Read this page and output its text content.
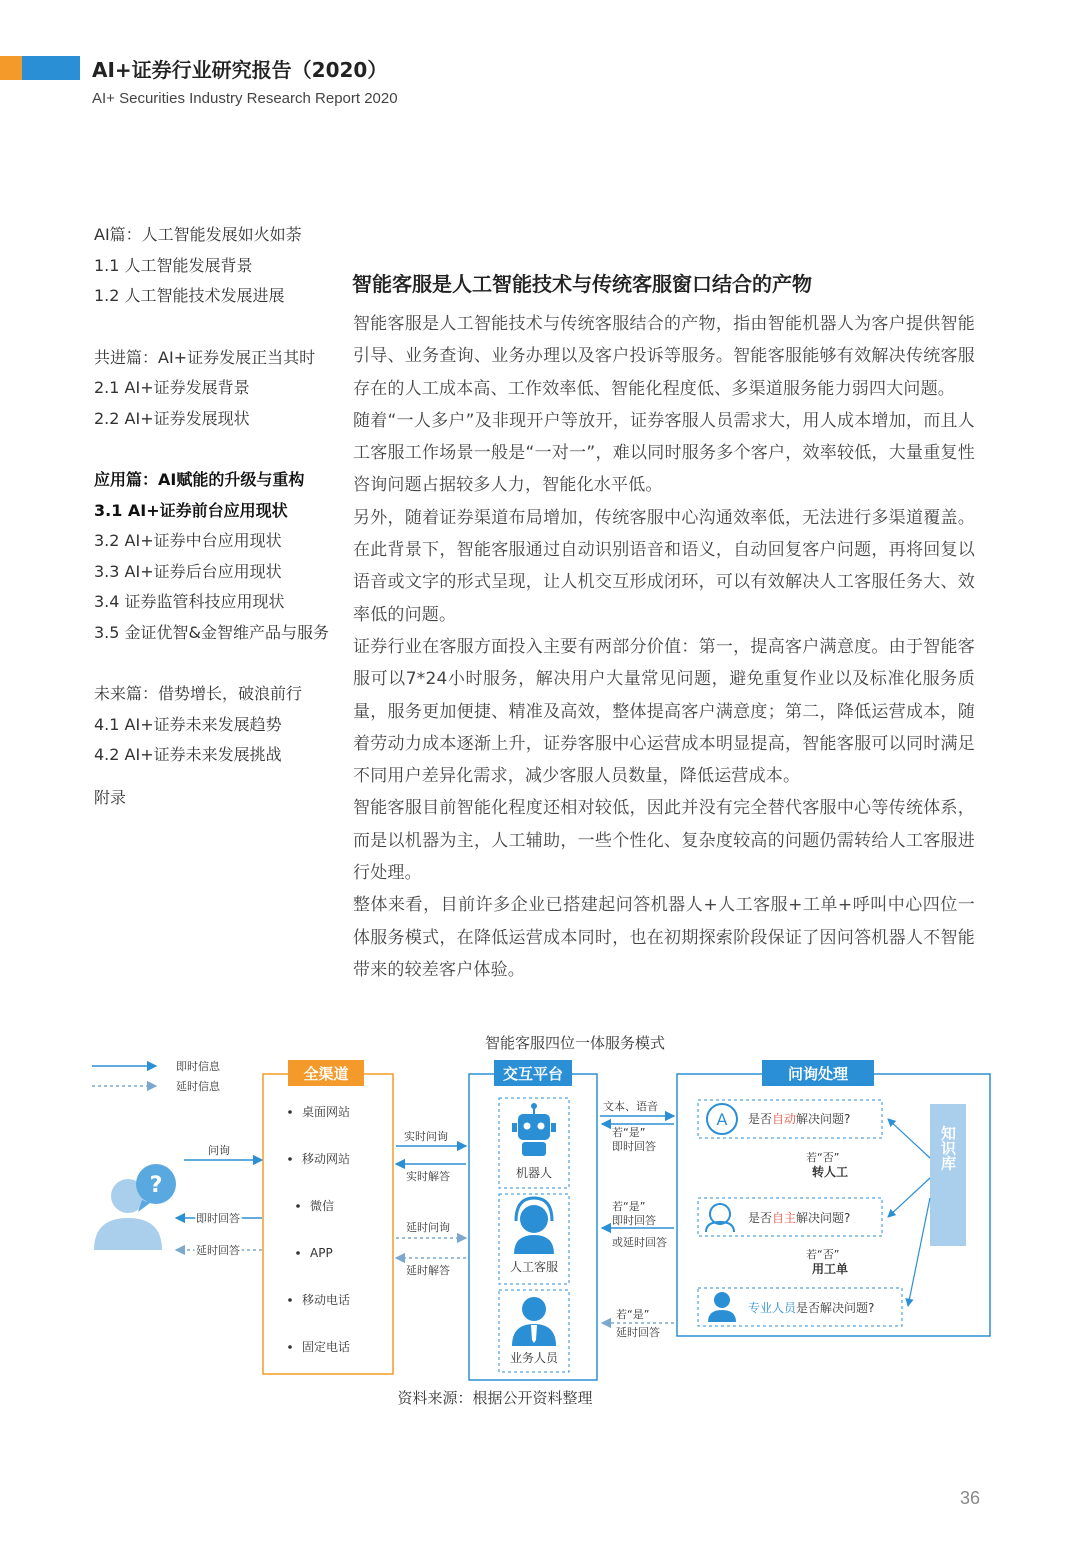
AI+证券行业研究报告（2020）
AI+ Securities Industry Research Report 2020
AI篇：人工智能发展如火如荼
1.1 人工智能发展背景
1.2 人工智能技术发展进展
共进篇：AI+证券发展正当其时
2.1 AI+证券发展背景
2.2 AI+证券发展现状
应用篇：AI赋能的升级与重构
3.1 AI+证券前台应用现状
3.2 AI+证券中台应用现状
3.3 AI+证券后台应用现状
3.4 证券监管科技应用现状
3.5 金证优智&金智维产品与服务
未来篇：借势增长，破浪前行
4.1 AI+证券未来发展趋势
4.2 AI+证券未来发展挑战
附录
智能客服是人工智能技术与传统客服窗口结合的产物

智能客服是人工智能技术与传统客服结合的产物，指由智能机器人为客户提供智能引导、业务查询、业务办理以及客户投诉等服务。智能客服能够有效解决传统客服存在的人工成本高、工作效率低、智能化程度低、多渠道服务能力弱四大问题。

随着“一人多户”及非现开户等放开，证券客服人员需求大，用人成本增加，而且人工客服工作场景一般是“一对一”，难以同时服务多个客户，效率较低，大量重复性咨询问题占据较多人力，智能化水平低。

另外，随着证券渠道布局增加，传统客服中心沟通效率低，无法进行多渠道覆盖。在此背景下，智能客服通过自动识别语音和语义，自动回复客户问题，再将回复以语音或文字的形式呈现，让人机交互形成闭环，可以有效解决人工客服任务大、效率低的问题。

证券行业在客服方面投入主要有两部分价值：第一，提高客户满意度。由于智能客服可以7*24小时服务，解决用户大量常见问题，避免重复作业以及标准化服务质量，服务更加便捷、精准及高效，整体提高客户满意度；第二，降低运营成本，随着劳动力成本逐渐上升，证券客服中心运营成本明显提高，智能客服可以同时满足不同用户差异化需求，减少客服人员数量，降低运营成本。

智能客服目前智能化程度还相对较低，因此并没有完全替代客服中心等传统体系，而是以机器为主，人工辅助，一些个性化、复杂度较高的问题仍需转给人工客服进行处理。

整体来看，目前许多企业已搭建起问答机器人+人工客服+工单+呼叫中心四位一体服务模式，在降低运营成本同时，也在初期探索阶段保证了因问答机器人不智能带来的较差客户体验。

智能客服四位一体服务模式
即时信息
延时信息
?
问询
即时回答
延时回答
全渠道
桌面网站
移动网站
微信
APP
移动电话
固定电话
实时问询
实时解答
延时问询
延时解答
交互平台
机器人
人工客服
业务人员
文本、语音
若“是”
即时回答
若“是”
即时回答
或延时回答
若“是”
延时回答
问询处理
A 是否自动解决问题?
若“否”
转人工
是否自主解决问题?
若“否”
用工单
专业人员是否解决问题?
知识库
资料来源：根据公开资料整理
36
